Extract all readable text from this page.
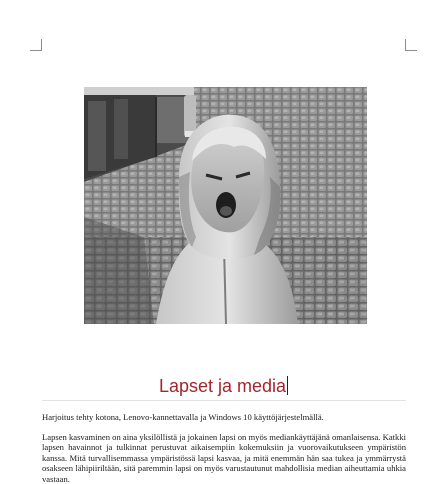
Lapset ja media
Harjoitus tehty kotona, Lenovo-kannettavalla ja Windows 10 käyttöjärjestelmällä.
Lapsen kasvaminen on aina yksilöllistä ja jokainen lapsi on myös mediankäyttäjänä omanlaisensa. Katkki lapsen havainnot ja tulkinnat perustuvat aikaisempiin kokemuksiin ja vuorovaikutukseen ympäristön kanssa. Mitä turvallisemmassa ympäristössä lapsi kasvaa, ja mitä enemmän hän saa tukea ja ymmärrystä osakseen lähipiiriltään, sitä paremmin lapsi on myös varustautunut mahdollisia median aiheuttamia uhkia vastaan.
